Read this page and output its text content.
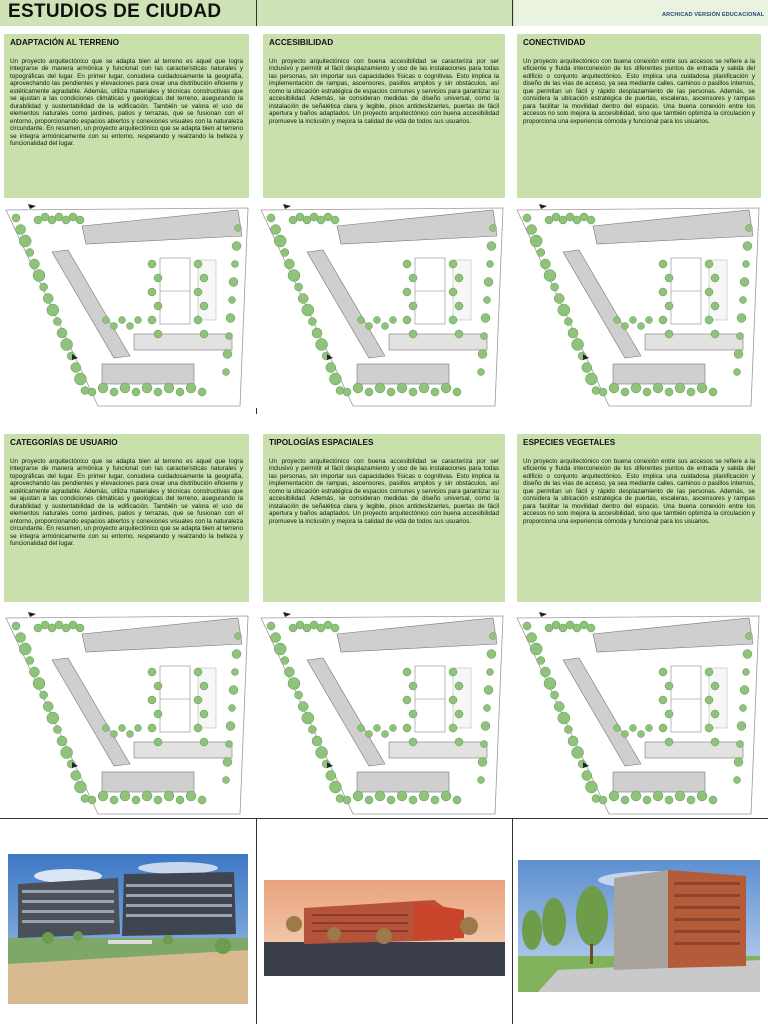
ESTUDIOS DE CIUDAD	ARCHICAD VERSIÓN EDUCACIONAL
ADAPTACIÓN AL TERRENO
Un proyecto arquitectónico que se adapta bien al terreno es aquel que logra integrarse de manera armónica y funcional con las características naturales y topográficas del lugar. En primer lugar, considera cuidadosamente la geografía, aprovechando las pendientes y elevaciones para crear una distribución eficiente y estéticamente agradable. Además, utiliza materiales y técnicas constructivas que se ajustan a las condiciones climáticas y geológicas del terreno, asegurando la durabilidad y sustentabilidad de la edificación. También se valora el uso de elementos naturales como jardines, patios y terrazas, que se fusionan con el entorno, proporcionando espacios abiertos y conexiones visuales con la naturaleza circundante. En resumen, un proyecto arquitectónico que se adapta bien al terreno se integra armónicamente con su entorno, respetando y realzando la belleza y funcionalidad del lugar.
ACCESIBILIDAD
Un proyecto arquitectónico con buena accesibilidad se caracteriza por ser inclusivo y permitir el fácil desplazamiento y uso de las instalaciones para todas las personas, sin importar sus capacidades físicas o cognitivas. Esto implica la implementación de rampas, ascensores, pasillos amplios y sin obstáculos, así como la ubicación estratégica de espacios comunes y servicios para garantizar su accesibilidad. Además, se consideran medidas de diseño universal, como la instalación de señalética clara y legible, pisos antideslizantes, puertas de fácil apertura y baños adaptados. Un proyecto arquitectónico con buena accesibilidad promueve la inclusión y mejora la calidad de vida de todos sus usuarios.
CONECTIVIDAD
Un proyecto arquitectónico con buena conexión entre sus accesos se refiere a la eficiente y fluida interconexión de los diferentes puntos de entrada y salida del edificio o conjunto arquitectónico. Esto implica una cuidadosa planificación y diseño de las vías de acceso, ya sea mediante calles, caminos o pasillos internos, que permitan un fácil y rápido desplazamiento de las personas. Además, se considera la ubicación estratégica de puertas, escaleras, ascensores y rampas para facilitar la movilidad dentro del espacio. Una buena conexión entre los accesos no solo mejora la accesibilidad, sino que también optimiza la circulación y proporciona una experiencia cómoda y funcional para los usuarios.
CATEGORÍAS DE USUARIO
Un proyecto arquitectónico que se adapta bien al terreno es aquel que logra integrarse de manera armónica y funcional con las características naturales y topográficas del lugar. En primer lugar, considera cuidadosamente la geografía, aprovechando las pendientes y elevaciones para crear una distribución eficiente y estéticamente agradable. Además, utiliza materiales y técnicas constructivas que se ajustan a las condiciones climáticas y geológicas del terreno, asegurando la durabilidad y sustentabilidad de la edificación. También se valora el uso de elementos naturales como jardines, patios y terrazas, que se fusionan con el entorno, proporcionando espacios abiertos y conexiones visuales con la naturaleza circundante. En resumen, un proyecto arquitectónico que se adapta bien al terreno se integra armónicamente con su entorno, respetando y realzando la belleza y funcionalidad del lugar.
TIPOLOGÍAS ESPACIALES
Un proyecto arquitectónico con buena accesibilidad se caracteriza por ser inclusivo y permitir el fácil desplazamiento y uso de las instalaciones para todas las personas, sin importar sus capacidades físicas o cognitivas. Esto implica la implementación de rampas, ascensores, pasillos amplios y sin obstáculos, así como la ubicación estratégica de espacios comunes y servicios para garantizar su accesibilidad. Además, se consideran medidas de diseño universal, como la instalación de señalética clara y legible, pisos antideslizantes, puertas de fácil apertura y baños adaptados. Un proyecto arquitectónico con buena accesibilidad promueve la inclusión y mejora la calidad de vida de todos sus usuarios.
ESPECIES VEGETALES
Un proyecto arquitectónico con buena conexión entre sus accesos se refiere a la eficiente y fluida interconexión de los diferentes puntos de entrada y salida del edificio o conjunto arquitectónico. Esto implica una cuidadosa planificación y diseño de las vías de acceso, ya sea mediante calles, caminos o pasillos internos, que permitan un fácil y rápido desplazamiento de las personas. Además, se considera la ubicación estratégica de puertas, escaleras, ascensores y rampas para facilitar la movilidad dentro del espacio. Una buena conexión entre los accesos no solo mejora la accesibilidad, sino que también optimiza la circulación y proporciona una experiencia cómoda y funcional para los usuarios.
